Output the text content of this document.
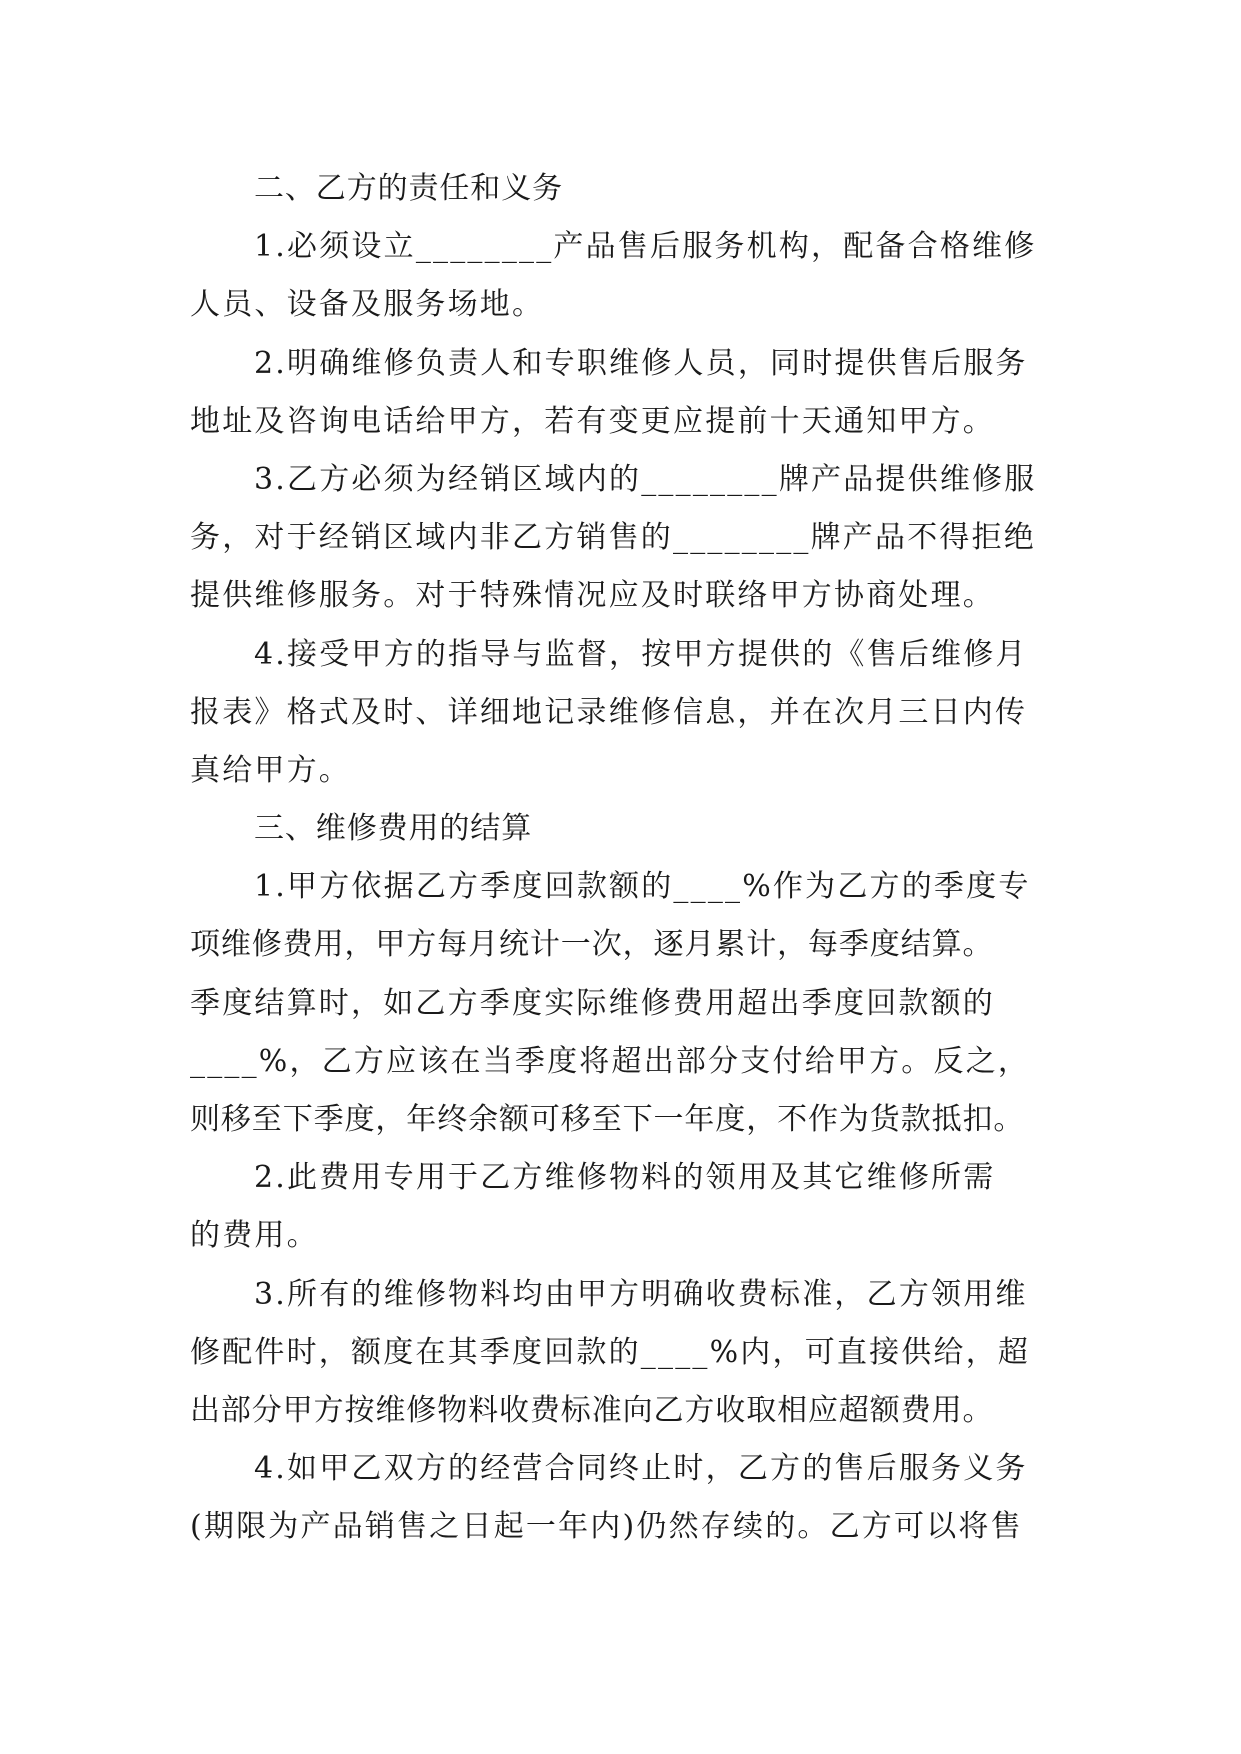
二、乙方的责任和义务
1.必须设立________产品售后服务机构，配备合格维修
人员、设备及服务场地。
2.明确维修负责人和专职维修人员，同时提供售后服务
地址及咨询电话给甲方，若有变更应提前十天通知甲方。
3.乙方必须为经销区域内的________牌产品提供维修服
务，对于经销区域内非乙方销售的________牌产品不得拒绝
提供维修服务。对于特殊情况应及时联络甲方协商处理。
4.接受甲方的指导与监督，按甲方提供的《售后维修月
报表》格式及时、详细地记录维修信息，并在次月三日内传
真给甲方。
三、维修费用的结算
1.甲方依据乙方季度回款额的____%作为乙方的季度专
项维修费用，甲方每月统计一次，逐月累计，每季度结算。
季度结算时，如乙方季度实际维修费用超出季度回款额的
____%，乙方应该在当季度将超出部分支付给甲方。反之，
则移至下季度，年终余额可移至下一年度，不作为货款抵扣。
2.此费用专用于乙方维修物料的领用及其它维修所需
的费用。
3.所有的维修物料均由甲方明确收费标准，乙方领用维
修配件时，额度在其季度回款的____%内，可直接供给，超
出部分甲方按维修物料收费标准向乙方收取相应超额费用。
4.如甲乙双方的经营合同终止时，乙方的售后服务义务
(期限为产品销售之日起一年内)仍然存续的。乙方可以将售
